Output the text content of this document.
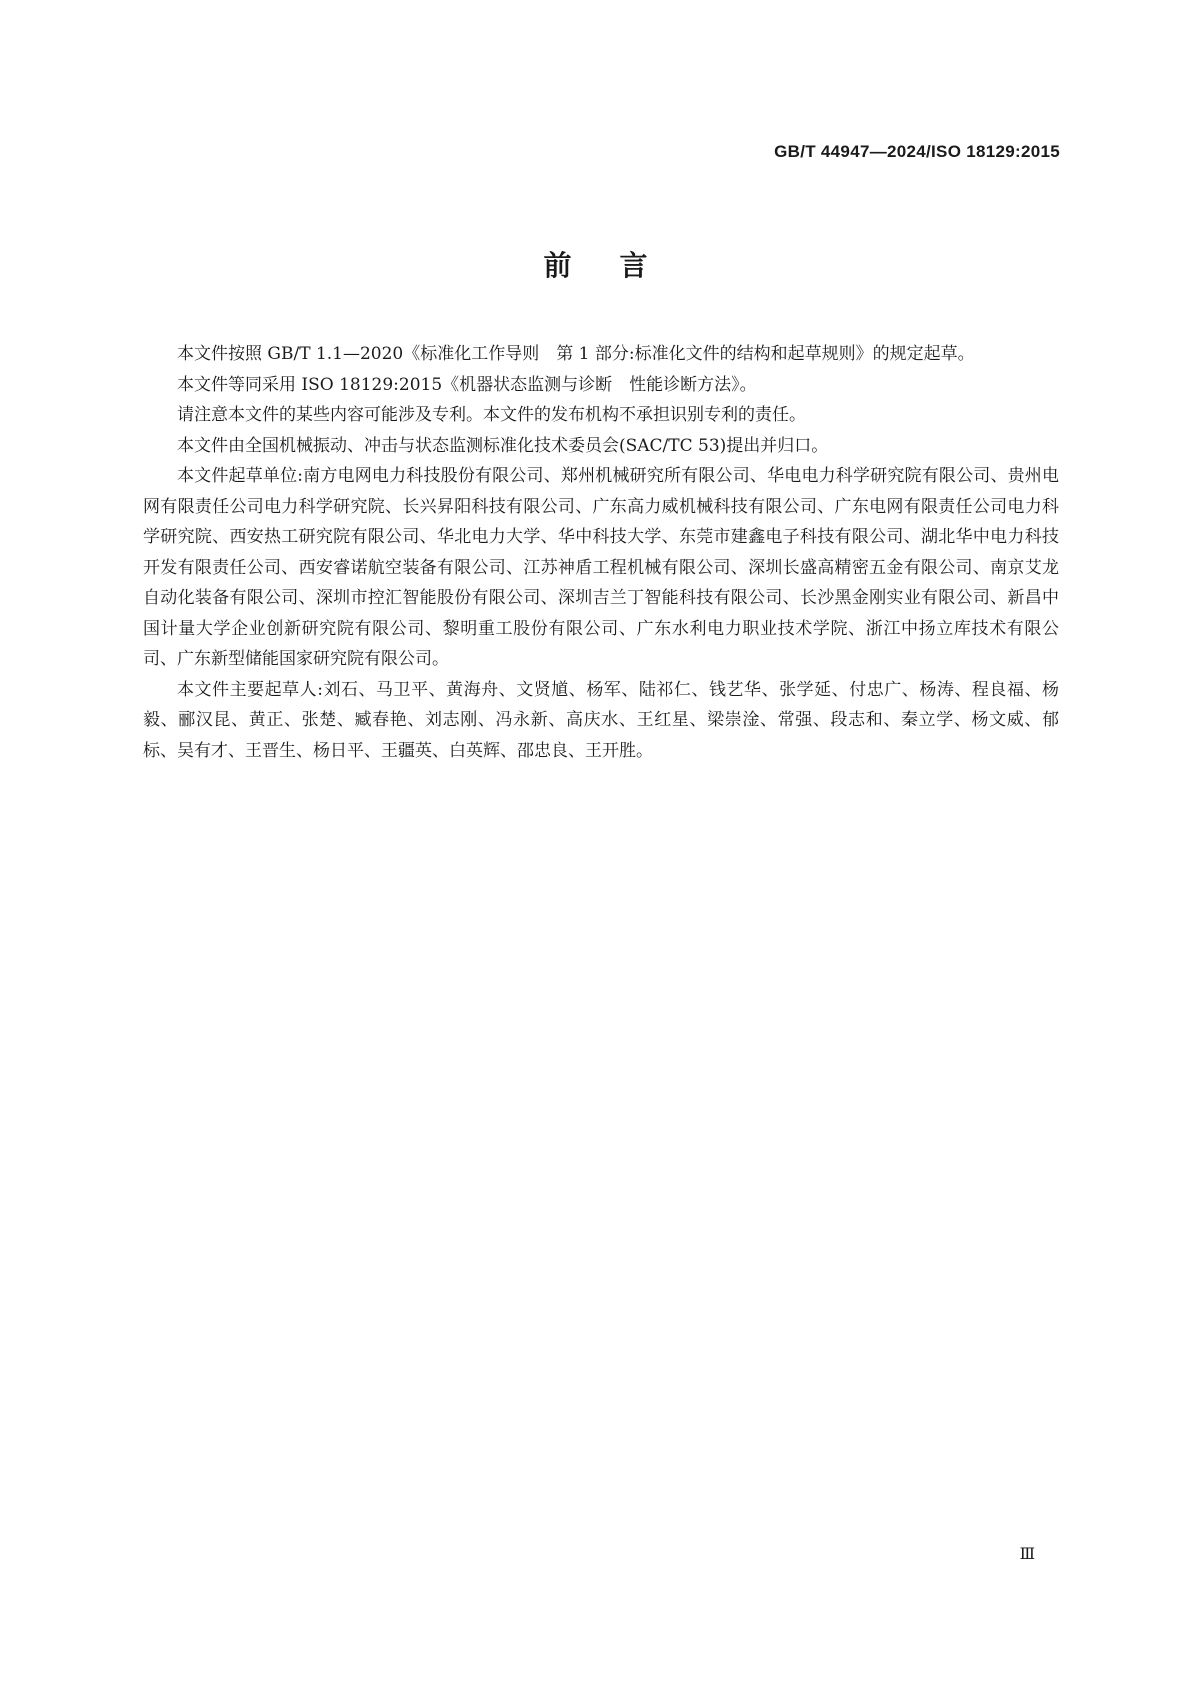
GB/T 44947—2024/ISO 18129:2015
前言

本文件按照 GB/T 1.1—2020《标准化工作导则　第 1 部分:标准化文件的结构和起草规则》的规定起草。

本文件等同采用 ISO 18129:2015《机器状态监测与诊断　性能诊断方法》。

请注意本文件的某些内容可能涉及专利。本文件的发布机构不承担识别专利的责任。

本文件由全国机械振动、冲击与状态监测标准化技术委员会(SAC/TC 53)提出并归口。

本文件起草单位:南方电网电力科技股份有限公司、郑州机械研究所有限公司、华电电力科学研究院有限公司、贵州电网有限责任公司电力科学研究院、长兴昇阳科技有限公司、广东高力威机械科技有限公司、广东电网有限责任公司电力科学研究院、西安热工研究院有限公司、华北电力大学、华中科技大学、东莞市建鑫电子科技有限公司、湖北华中电力科技开发有限责任公司、西安睿诺航空装备有限公司、江苏神盾工程机械有限公司、深圳长盛高精密五金有限公司、南京艾龙自动化装备有限公司、深圳市控汇智能股份有限公司、深圳吉兰丁智能科技有限公司、长沙黑金刚实业有限公司、新昌中国计量大学企业创新研究院有限公司、黎明重工股份有限公司、广东水利电力职业技术学院、浙江中扬立库技术有限公司、广东新型储能国家研究院有限公司。

本文件主要起草人:刘石、马卫平、黄海舟、文贤馗、杨军、陆祁仁、钱艺华、张学延、付忠广、杨涛、程良福、杨毅、郦汉昆、黄正、张楚、臧春艳、刘志刚、冯永新、高庆水、王红星、梁崇淦、常强、段志和、秦立学、杨文威、郁标、吴有才、王晋生、杨日平、王疆英、白英辉、邵忠良、王开胜。

Ⅲ
